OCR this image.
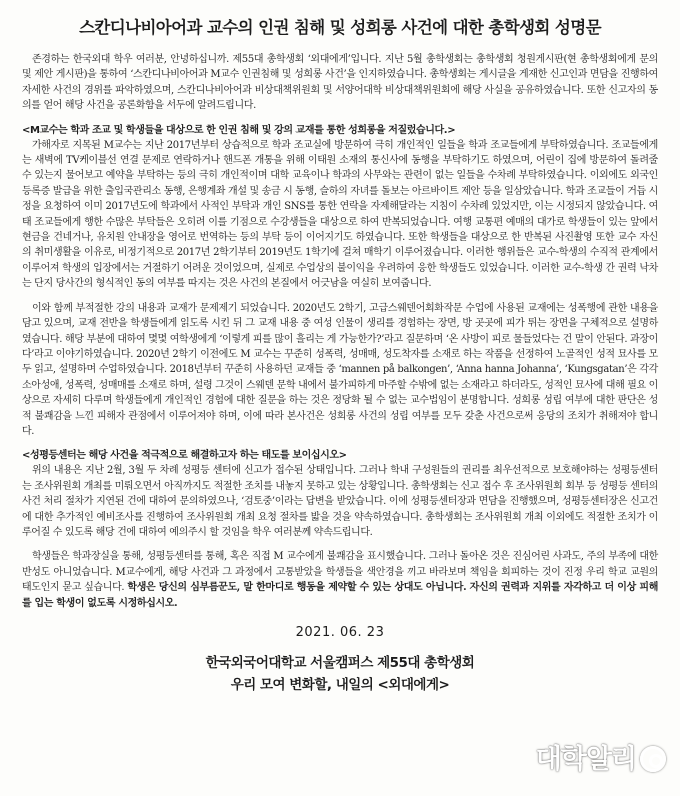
스칸디나비아어과 교수의 인권 침해 및 성희롱 사건에 대한 총학생회 성명문

존경하는 한국외대 학우 여러분, 안녕하십니까. 제55대 총학생회 ‘외대에게’입니다. 지난 5월 총학생회는 총학생회 청원게시판(현 총학생회에게 문의 및 제안 게시판)을 통하여 ‘스칸디나비아어과 M교수 인권침해 및 성희롱 사건’을 인지하였습니다. 총학생회는 게시글을 게재한 신고인과 면담을 진행하여 자세한 사건의 경위를 파악하였으며, 스칸디나비아어과 비상대책위원회 및 서양어대학 비상대책위원회에 해당 사실을 공유하였습니다. 또한 신고자의 동의를 얻어 해당 사건을 공론화함을 서두에 알려드립니다.

<M교수는 학과 조교 및 학생들을 대상으로 한 인권 침해 및 강의 교재를 통한 성희롱을 저질렀습니다.>

가해자로 지목된 M교수는 지난 2017년부터 상습적으로 학과 조교실에 방문하여 극히 개인적인 일들을 학과 조교들에게 부탁하였습니다. 조교들에게는 새벽에 TV케이블선 연결 문제로 연락하거나 핸드폰 개통을 위해 이태원 소재의 통신사에 동행을 부탁하기도 하였으며, 어린이 집에 방문하여 돌려줄 수 있는지 물어보고 예약을 부탁하는 등의 극히 개인적이며 대학 교육이나 학과의 사무와는 관련이 없는 일들을 수차례 부탁하였습니다. 이외에도 외국인 등록증 발급을 위한 출입국관리소 동행, 은행계좌 개설 및 송금 시 동행, 슬하의 자녀를 돌보는 아르바이트 제안 등을 일삼았습니다. 학과 조교들이 거듭 시정을 요청하여 이미 2017년도에 학과에서 사적인 부탁과 개인 SNS를 통한 연락을 자제해달라는 지침이 수차례 있었지만, 이는 시정되지 않았습니다. 여태 조교들에게 행한 수많은 부탁들은 오히려 이를 기점으로 수강생들을 대상으로 하여 반복되었습니다. 여행 교통편 예매의 대가로 학생들이 있는 앞에서 현금을 건네거나, 유치원 안내장을 영어로 번역하는 등의 부탁 등이 이어지기도 하였습니다. 또한 학생들을 대상으로 한 반복된 사진촬영 또한 교수 자신의 취미생활을 이유로, 비정기적으로 2017년 2학기부터 2019년도 1학기에 걸쳐 매학기 이루어졌습니다. 이러한 행위들은 교수-학생의 수직적 관계에서 이루어져 학생의 입장에서는 거절하기 어려운 것이었으며, 실제로 수업상의 불이익을 우려하여 응한 학생들도 있었습니다. 이러한 교수-학생 간 권력 낙차는 단지 당사간의 형식적인 동의 여부를 따지는 것은 사건의 본질에서 어긋남을 여실히 보여줍니다.

이와 함께 부적절한 강의 내용과 교재가 문제제기 되었습니다. 2020년도 2학기, 고급스웨덴어회화작문 수업에 사용된 교재에는 성폭행에 관한 내용을 담고 있으며, 교재 전반을 학생들에게 읽도록 시킨 뒤 그 교재 내용 중 여성 인물이 생리를 경험하는 장면, 방 곳곳에 피가 튀는 장면을 구체적으로 설명하였습니다. 해당 부분에 대하여 몇몇 여학생에게 ‘이렇게 피를 많이 흘리는 게 가능한가?’라고 질문하며 ‘온 사방이 피로 물들었다는 건 말이 안된다. 과장이다’라고 이야기하였습니다. 2020년 2학기 이전에도 M 교수는 꾸준히 성폭력, 성매매, 성도착자를 소재로 하는 작품을 선정하여 노골적인 성적 묘사를 모두 읽고, 설명하며 수업하였습니다. 2018년부터 꾸준히 사용하던 교재들 중 ‘mannen på balkongen’, ‘Anna hanna Johanna’, ‘Kungsgatan’은 각각 소아성애, 성폭력, 성매매를 소재로 하며, 설령 그것이 스웨덴 문학 내에서 불가피하게 마주할 수밖에 없는 소재라고 하더라도, 성적인 묘사에 대해 필요 이상으로 자세히 다루며 학생들에게 개인적인 경험에 대한 질문을 하는 것은 정당화 될 수 없는 교수법임이 분명합니다. 성희롱 성립 여부에 대한 판단은 성적 불쾌감을 느낀 피해자 관점에서 이루어져야 하며, 이에 따라 본사건은 성희롱 사건의 성립 여부를 모두 갖춘 사건으로써 응당의 조치가 취해져야 합니다.

<성평등센터는 해당 사건을 적극적으로 해결하고자 하는 태도를 보이십시오>

위의 내용은 지난 2월, 3월 두 차례 성평등 센터에 신고가 접수된 상태입니다. 그러나 학내 구성원들의 권리를 최우선적으로 보호해야하는 성평등센터는 조사위원회 개최를 미뤄오면서 아직까지도 적절한 조치를 내놓지 못하고 있는 상황입니다. 총학생회는 신고 접수 후 조사위원회 회부 등 성평등 센터의 사건 처리 절차가 지연된 건에 대하여 문의하였으나, ‘검토중’이라는 답변을 받았습니다. 이에 성평등센터장과 면담을 진행했으며, 성평등센터장은 신고건에 대한 추가적인 예비조사를 진행하여 조사위원회 개최 요청 절차를 밟을 것을 약속하였습니다. 총학생회는 조사위원회 개최 이외에도 적절한 조치가 이루어질 수 있도록 해당 건에 대하여 예의주시 할 것임을 학우 여러분께 약속드립니다.

학생들은 학과장실을 통해, 성평등센터를 통해, 혹은 직접 M 교수에게 불쾌감을 표시했습니다. 그러나 돌아온 것은 진심어린 사과도, 주의 부족에 대한 반성도 아니었습니다. M교수에게, 해당 사건과 그 과정에서 고통받았을 학생들을 색안경을 끼고 바라보며 책임을 회피하는 것이 진정 우리 학교 교원의 태도인지 묻고 싶습니다. 학생은 당신의 심부름꾼도, 말 한마디로 행동을 제약할 수 있는 상대도 아닙니다. 자신의 권력과 지위를 자각하고 더 이상 피해를 입는 학생이 없도록 시정하십시오.

2021. 06. 23

한국외국어대학교 서울캠퍼스 제55대 총학생회

우리 모여 변화할, 내일의 <외대에게>

대학알리
